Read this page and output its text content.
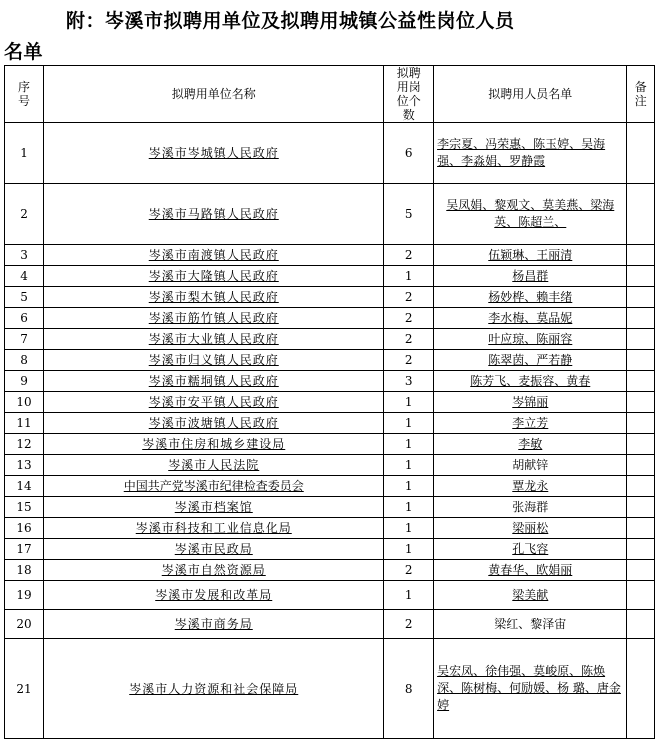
附：岑溪市拟聘用单位及拟聘用城镇公益性岗位人员
名单
序号	拟聘用单位名称	拟聘用岗位个数	拟聘用人员名单	备注
1	岑溪市岑城镇人民政府	6	李宗夏、冯荣惠、陈玉婷、吴海强、李淼娟、罗静霞	
2	岑溪市马路镇人民政府	5	吴凤娟、黎观文、莫美燕、梁海英、陈超兰、	
3	岑溪市南渡镇人民政府	2	伍颖琳、王丽清	
4	岑溪市大隆镇人民政府	1	杨昌群	
5	岑溪市梨木镇人民政府	2	杨妙桦、赖丰绪	
6	岑溪市筋竹镇人民政府	2	李水梅、莫品妮	
7	岑溪市大业镇人民政府	2	叶应琼、陈丽容	
8	岑溪市归义镇人民政府	2	陈翠茵、严若静	
9	岑溪市糯垌镇人民政府	3	陈芳飞、麦振容、黄春	
10	岑溪市安平镇人民政府	1	岑锦丽	
11	岑溪市波塘镇人民政府	1	李立芳	
12	岑溪市住房和城乡建设局	1	李敏	
13	岑溪市人民法院	1	胡献锌	
14	中国共产党岑溪市纪律检查委员会	1	覃龙永	
15	岑溪市档案馆	1	张海群	
16	岑溪市科技和工业信息化局	1	梁丽松	
17	岑溪市民政局	1	孔飞容	
18	岑溪市自然资源局	2	黄春华、欧娟丽	
19	岑溪市发展和改革局	1	梁美献	
20	岑溪市商务局	2	梁红、黎泽宙	
21	岑溪市人力资源和社会保障局	8	吴宏凤、徐伟强、莫峻原、陈焕深、陈树梅、何励媛、杨 璐、唐金婷	
